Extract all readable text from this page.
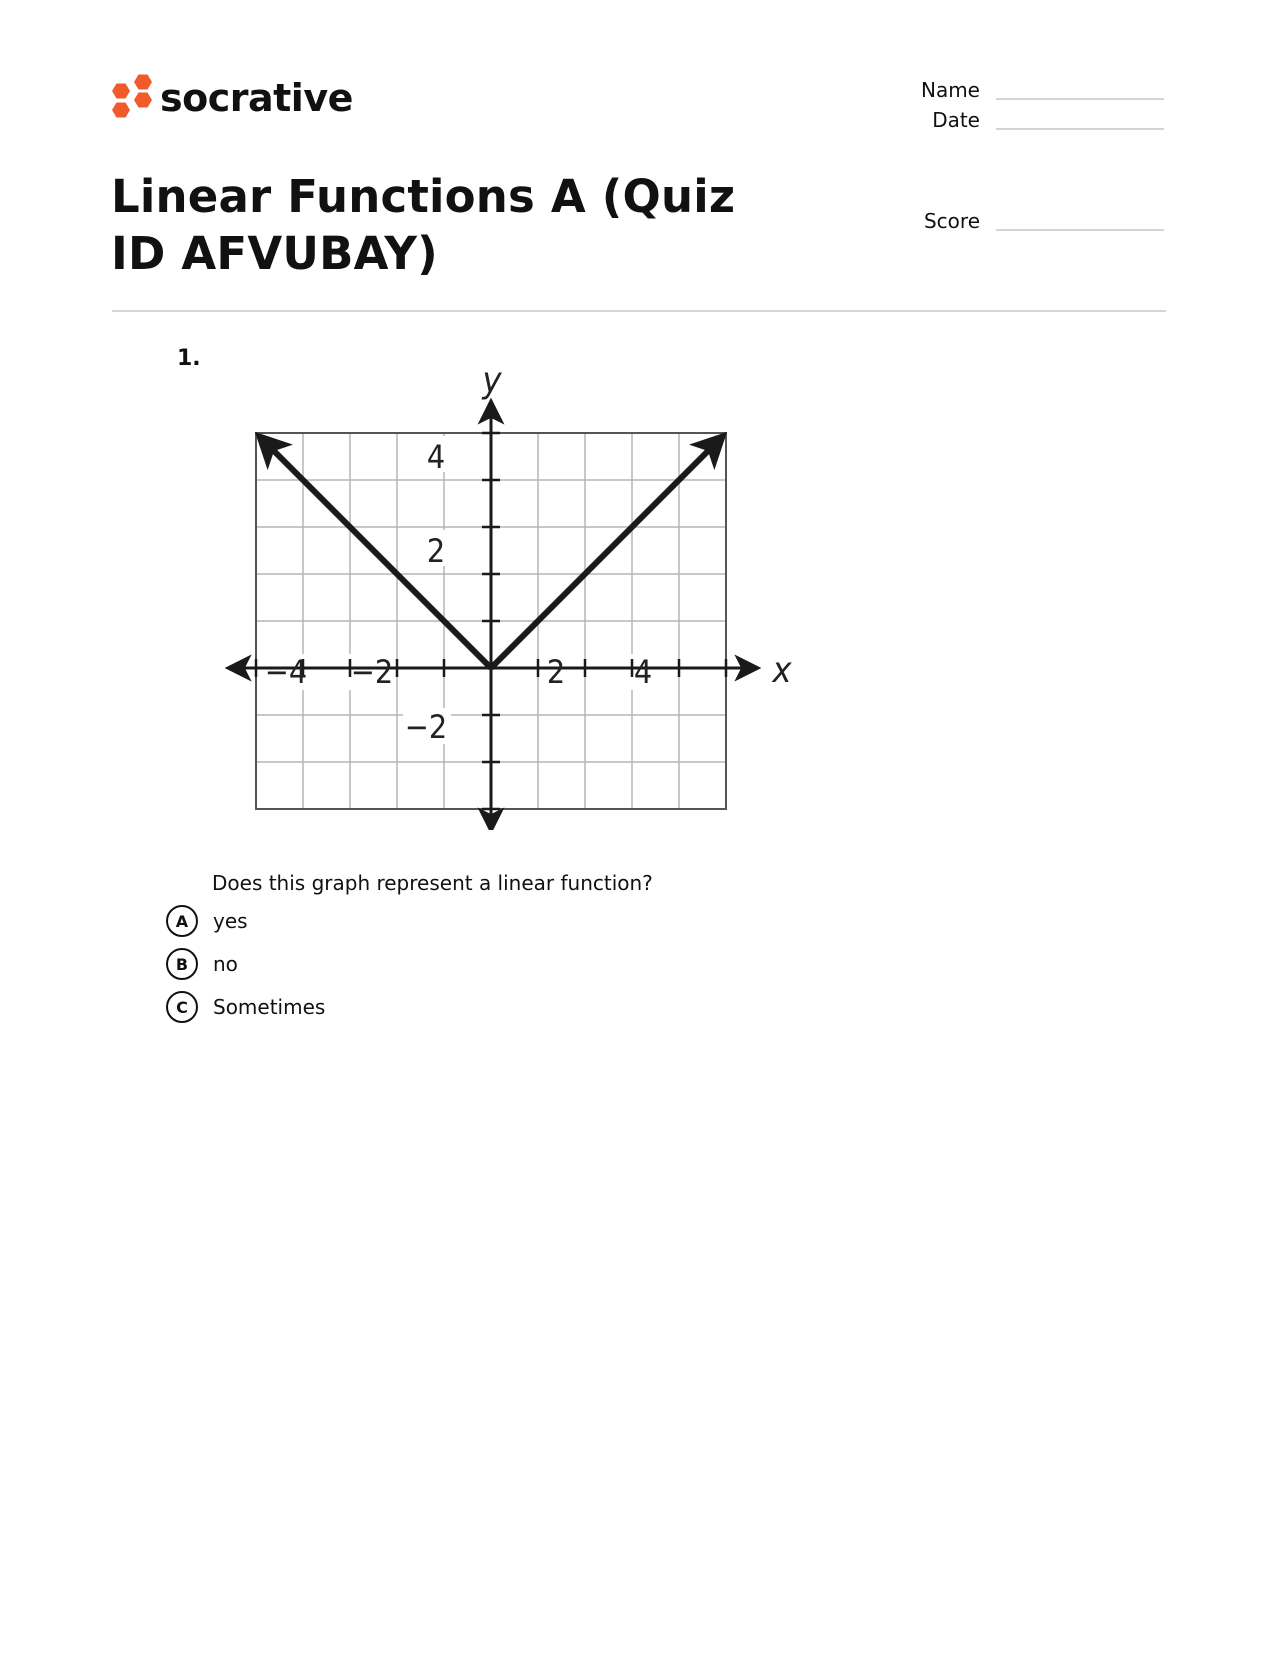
socrative	Name
Date
Score
Linear Functions A (Quiz ID AFVUBAY)
1.
−4 −2	2 4
4
2
−2
y
x
Does this graph represent a linear function?
A	yes
B	no
C	Sometimes
